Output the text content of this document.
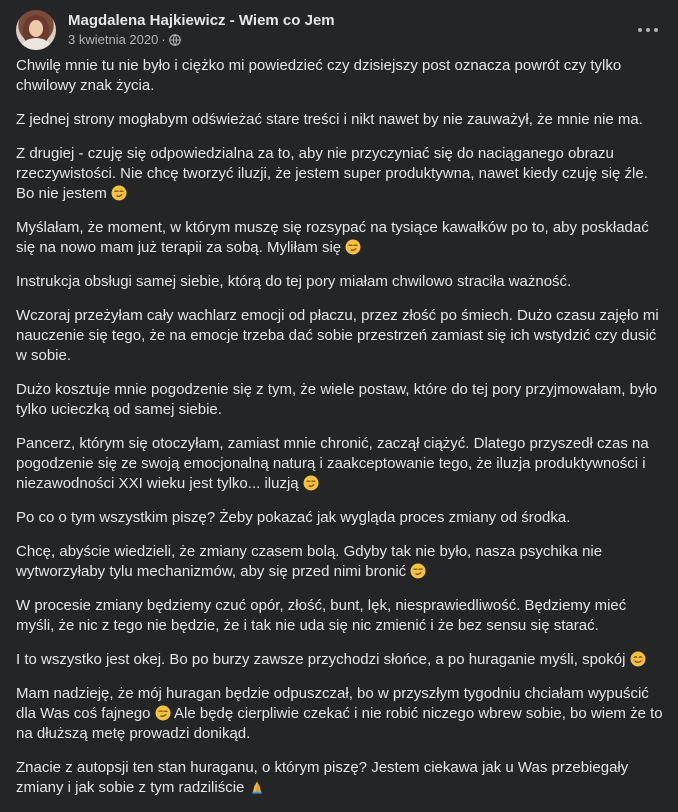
Magdalena Hajkiewicz - Wiem co Jem
3 kwietnia 2020 ·

Chwilę mnie tu nie było i ciężko mi powiedzieć czy dzisiejszy post oznacza powrót czy tylko chwilowy znak życia.

Z jednej strony mogłabym odświeżać stare treści i nikt nawet by nie zauważył, że mnie nie ma.

Z drugiej - czuję się odpowiedzialna za to, aby nie przyczyniać się do naciąganego obrazu rzeczywistości. Nie chcę tworzyć iluzji, że jestem super produktywna, nawet kiedy czuję się źle. Bo nie jestem

Myślałam, że moment, w którym muszę się rozsypać na tysiące kawałków po to, aby poskładać się na nowo mam już terapii za sobą. Myliłam się

Instrukcja obsługi samej siebie, którą do tej pory miałam chwilowo straciła ważność.

Wczoraj przeżyłam cały wachlarz emocji od płaczu, przez złość po śmiech. Dużo czasu zajęło mi nauczenie się tego, że na emocje trzeba dać sobie przestrzeń zamiast się ich wstydzić czy dusić w sobie.

Dużo kosztuje mnie pogodzenie się z tym, że wiele postaw, które do tej pory przyjmowałam, było tylko ucieczką od samej siebie.

Pancerz, którym się otoczyłam, zamiast mnie chronić, zaczął ciążyć. Dlatego przyszedł czas na pogodzenie się ze swoją emocjonalną naturą i zaakceptowanie tego, że iluzja produktywności i niezawodności XXI wieku jest tylko... iluzją

Po co o tym wszystkim piszę? Żeby pokazać jak wygląda proces zmiany od środka.

Chcę, abyście wiedzieli, że zmiany czasem bolą. Gdyby tak nie było, nasza psychika nie wytworzyłaby tylu mechanizmów, aby się przed nimi bronić

W procesie zmiany będziemy czuć opór, złość, bunt, lęk, niesprawiedliwość. Będziemy mieć myśli, że nic z tego nie będzie, że i tak nie uda się nic zmienić i że bez sensu się starać.

I to wszystko jest okej. Bo po burzy zawsze przychodzi słońce, a po huraganie myśli, spokój

Mam nadzieję, że mój huragan będzie odpuszczał, bo w przyszłym tygodniu chciałam wypuścić dla Was coś fajnego  Ale będę cierpliwie czekać i nie robić niczego wbrew sobie, bo wiem że to na dłuższą metę prowadzi donikąd.

Znacie z autopsji ten stan huraganu, o którym piszę? Jestem ciekawa jak u Was przebiegały zmiany i jak sobie z tym radziliście
